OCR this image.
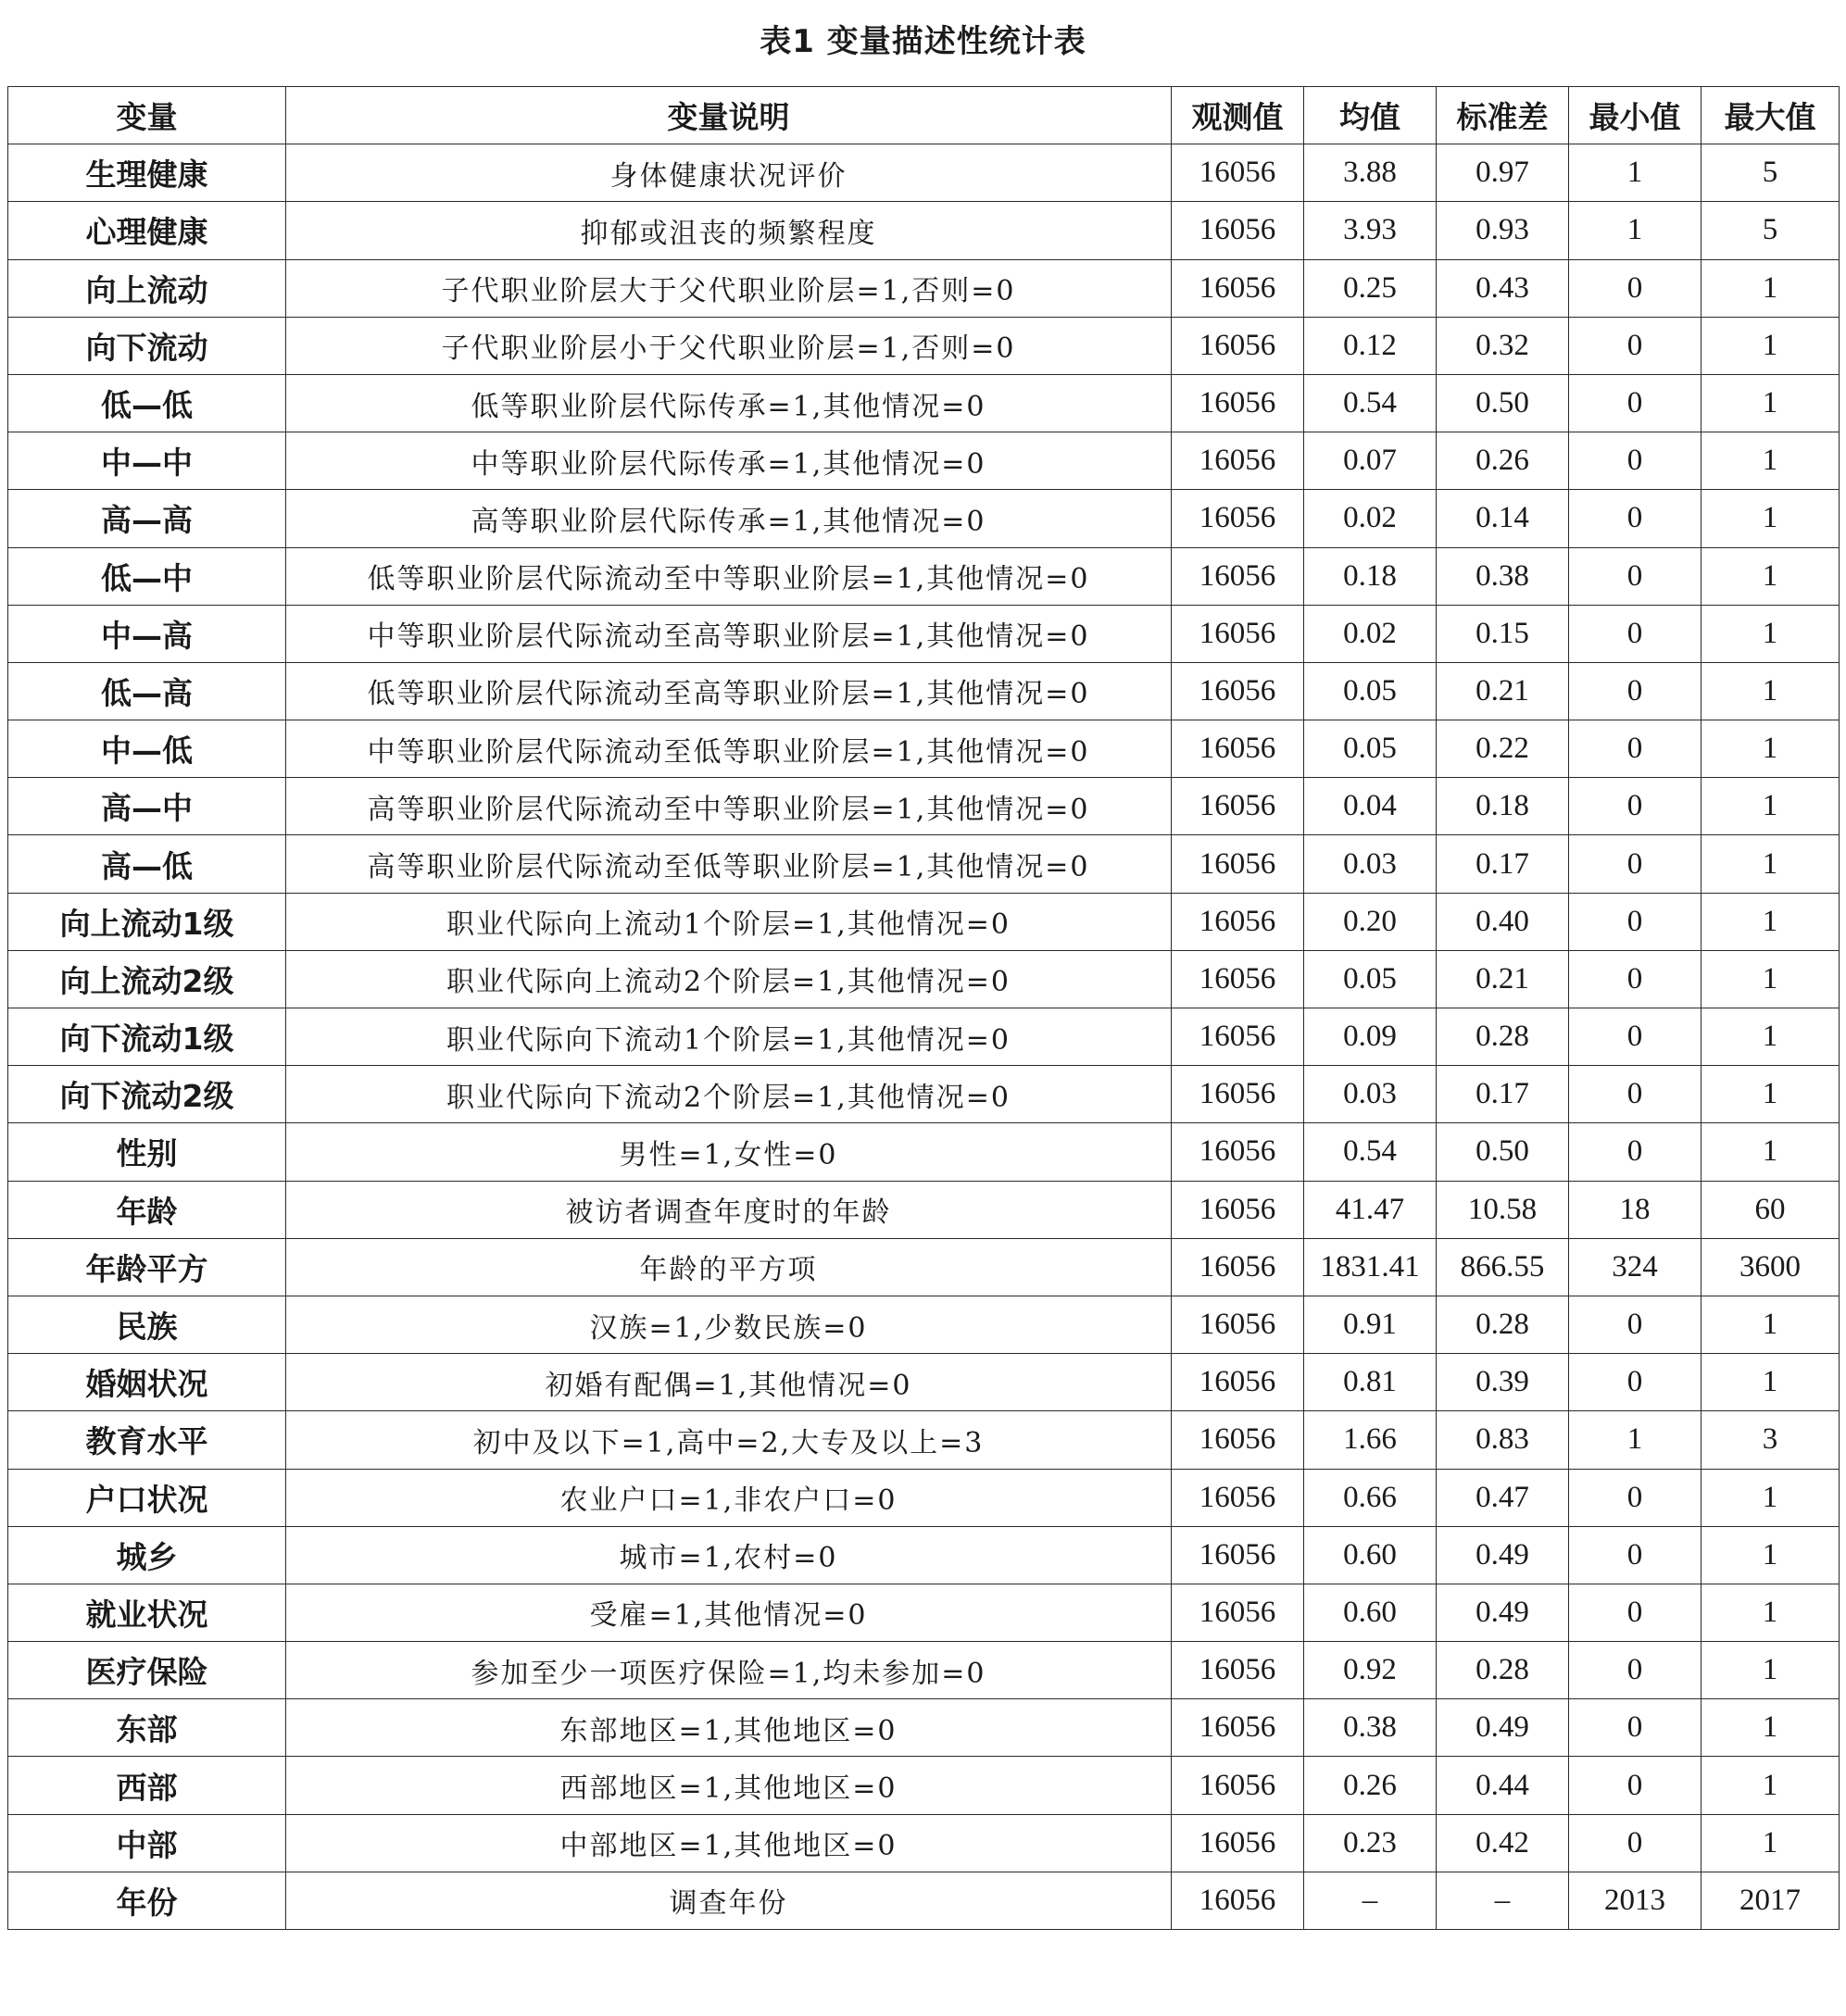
表1 变量描述性统计表
变量	变量说明	观测值	均值	标准差	最小值	最大值
生理健康	身体健康状况评价	16056	3.88	0.97	1	5
心理健康	抑郁或沮丧的频繁程度	16056	3.93	0.93	1	5
向上流动	子代职业阶层大于父代职业阶层=1,否则=0	16056	0.25	0.43	0	1
向下流动	子代职业阶层小于父代职业阶层=1,否则=0	16056	0.12	0.32	0	1
低—低	低等职业阶层代际传承=1,其他情况=0	16056	0.54	0.50	0	1
中—中	中等职业阶层代际传承=1,其他情况=0	16056	0.07	0.26	0	1
高—高	高等职业阶层代际传承=1,其他情况=0	16056	0.02	0.14	0	1
低—中	低等职业阶层代际流动至中等职业阶层=1,其他情况=0	16056	0.18	0.38	0	1
中—高	中等职业阶层代际流动至高等职业阶层=1,其他情况=0	16056	0.02	0.15	0	1
低—高	低等职业阶层代际流动至高等职业阶层=1,其他情况=0	16056	0.05	0.21	0	1
中—低	中等职业阶层代际流动至低等职业阶层=1,其他情况=0	16056	0.05	0.22	0	1
高—中	高等职业阶层代际流动至中等职业阶层=1,其他情况=0	16056	0.04	0.18	0	1
高—低	高等职业阶层代际流动至低等职业阶层=1,其他情况=0	16056	0.03	0.17	0	1
向上流动1级	职业代际向上流动1个阶层=1,其他情况=0	16056	0.20	0.40	0	1
向上流动2级	职业代际向上流动2个阶层=1,其他情况=0	16056	0.05	0.21	0	1
向下流动1级	职业代际向下流动1个阶层=1,其他情况=0	16056	0.09	0.28	0	1
向下流动2级	职业代际向下流动2个阶层=1,其他情况=0	16056	0.03	0.17	0	1
性别	男性=1,女性=0	16056	0.54	0.50	0	1
年龄	被访者调查年度时的年龄	16056	41.47	10.58	18	60
年龄平方	年龄的平方项	16056	1831.41	866.55	324	3600
民族	汉族=1,少数民族=0	16056	0.91	0.28	0	1
婚姻状况	初婚有配偶=1,其他情况=0	16056	0.81	0.39	0	1
教育水平	初中及以下=1,高中=2,大专及以上=3	16056	1.66	0.83	1	3
户口状况	农业户口=1,非农户口=0	16056	0.66	0.47	0	1
城乡	城市=1,农村=0	16056	0.60	0.49	0	1
就业状况	受雇=1,其他情况=0	16056	0.60	0.49	0	1
医疗保险	参加至少一项医疗保险=1,均未参加=0	16056	0.92	0.28	0	1
东部	东部地区=1,其他地区=0	16056	0.38	0.49	0	1
西部	西部地区=1,其他地区=0	16056	0.26	0.44	0	1
中部	中部地区=1,其他地区=0	16056	0.23	0.42	0	1
年份	调查年份	16056	–	–	2013	2017
